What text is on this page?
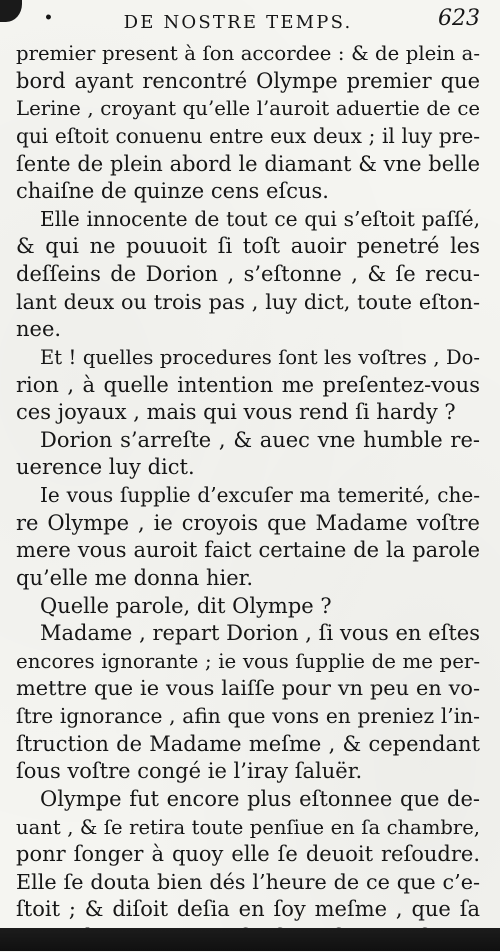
•	DE NOSTRE TEMPS.	623
premier present à ſon accordee : & de plein a-
bord ayant rencontré Olympe premier que
Lerine , croyant qu’elle l’auroit aduertie de ce
qui eſtoit conuenu entre eux deux ; il luy pre-
ſente de plein abord le diamant & vne belle
chaiſne de quinze cens eſcus.
Elle innocente de tout ce qui s’eſtoit paſſé,
& qui ne pouuoit ſi toſt auoir penetré les
deſſeins de Dorion , s’eſtonne , & ſe recu-
lant deux ou trois pas , luy dict, toute eſton-
nee.
Et ! quelles procedures ſont les voſtres , Do-
rion , à quelle intention me preſentez-vous
ces joyaux , mais qui vous rend ſi hardy ?
Dorion s’arreſte , & auec vne humble re-
uerence luy dict.
Ie vous ſupplie d’excuſer ma temerité, che-
re Olympe , ie croyois que Madame voſtre
mere vous auroit faict certaine de la parole
qu’elle me donna hier.
Quelle parole, dit Olympe ?
Madame , repart Dorion , ſi vous en eſtes
encores ignorante ; ie vous ſupplie de me per-
mettre que ie vous laiſſe pour vn peu en vo-
ſtre ignorance , afin que vons en preniez l’in-
ſtruction de Madame meſme , & cependant
ſous voſtre congé ie l’iray ſaluër.
Olympe fut encore plus eſtonnee que de-
uant , & ſe retira toute penſiue en ſa chambre,
ponr ſonger à quoy elle ſe deuoit reſoudre.
Elle ſe douta bien dés l’heure de ce que c’e-
ſtoit ; & diſoit deſia en ſoy meſme , que ſa
